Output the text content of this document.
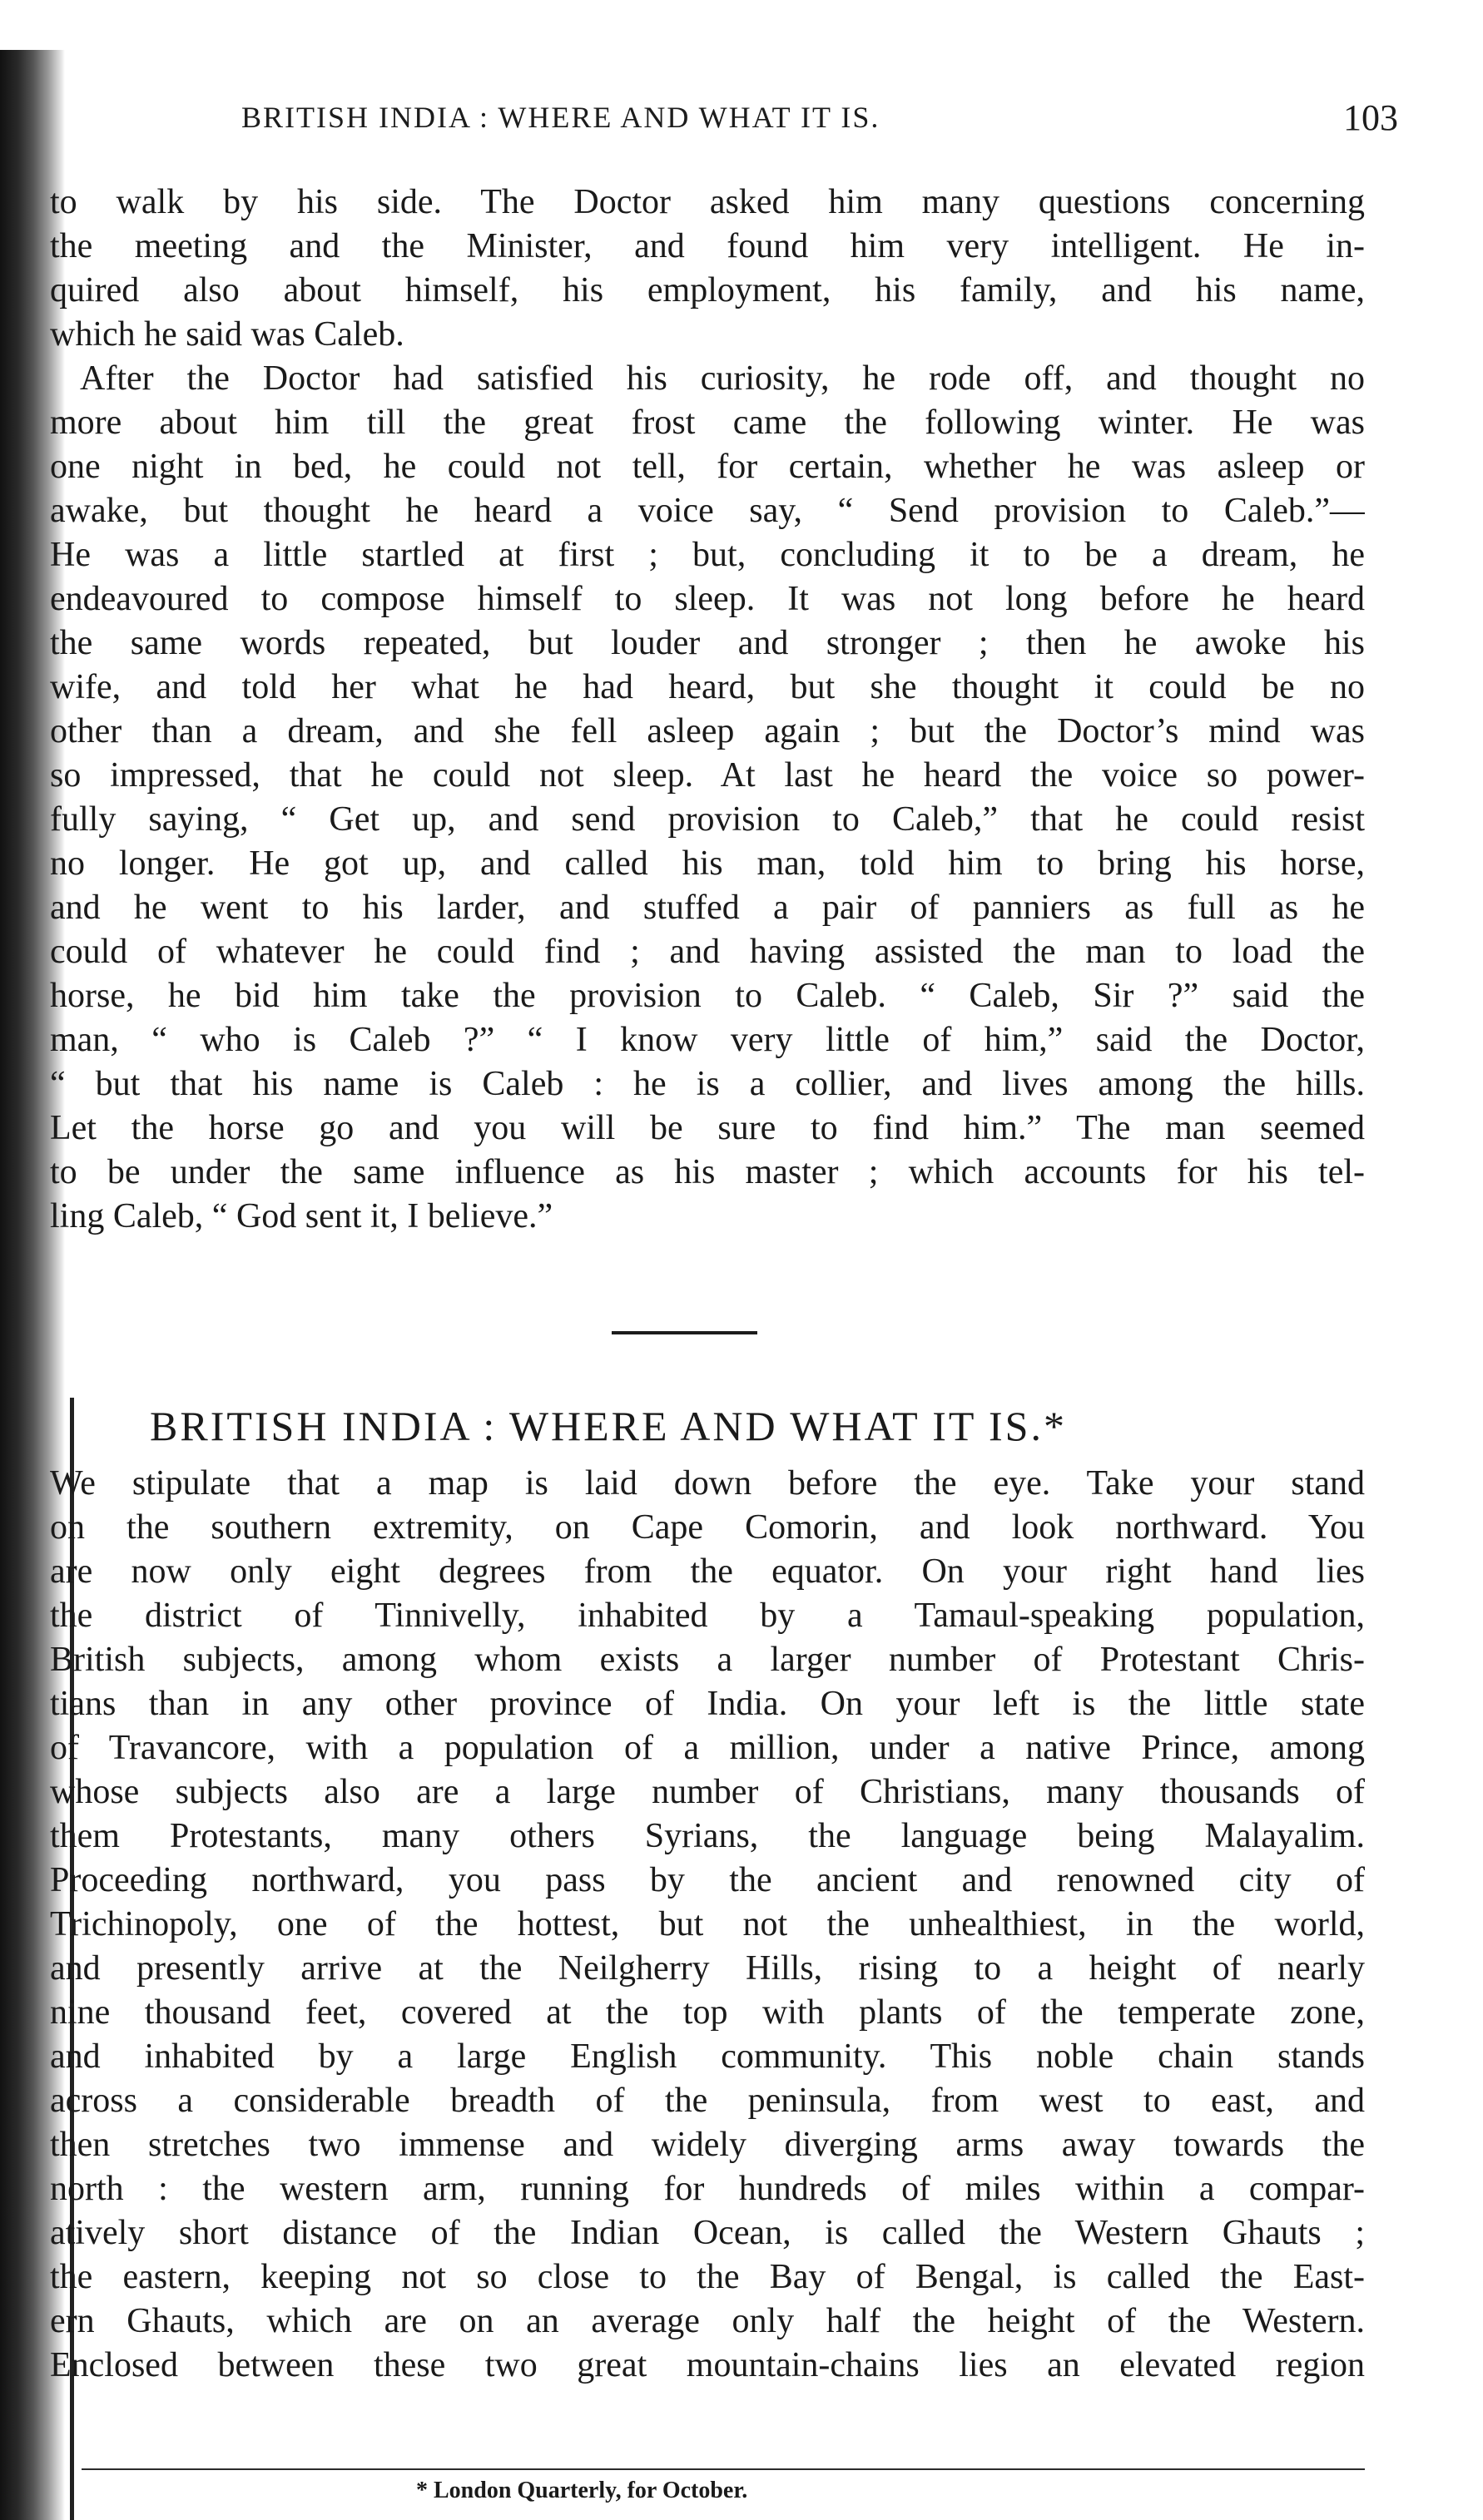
BRITISH INDIA : WHERE AND WHAT IT IS.	103
to walk by his side. The Doctor asked him many questions concerning
the meeting and the Minister, and found him very intelligent. He in-
quired also about himself, his employment, his family, and his name,
which he said was Caleb.
After the Doctor had satisfied his curiosity, he rode off, and thought no
more about him till the great frost came the following winter. He was
one night in bed, he could not tell, for certain, whether he was asleep or
awake, but thought he heard a voice say, “ Send provision to Caleb.”—
He was a little startled at first ; but, concluding it to be a dream, he
endeavoured to compose himself to sleep. It was not long before he heard
the same words repeated, but louder and stronger ; then he awoke his
wife, and told her what he had heard, but she thought it could be no
other than a dream, and she fell asleep again ; but the Doctor’s mind was
so impressed, that he could not sleep. At last he heard the voice so power-
fully saying, “ Get up, and send provision to Caleb,” that he could resist
no longer. He got up, and called his man, told him to bring his horse,
and he went to his larder, and stuffed a pair of panniers as full as he
could of whatever he could find ; and having assisted the man to load the
horse, he bid him take the provision to Caleb. “ Caleb, Sir ?” said the
man, “ who is Caleb ?” “ I know very little of him,” said the Doctor,
“ but that his name is Caleb : he is a collier, and lives among the hills.
Let the horse go and you will be sure to find him.” The man seemed
to be under the same influence as his master ; which accounts for his tel-
ling Caleb, “ God sent it, I believe.”
BRITISH INDIA : WHERE AND WHAT IT IS.*
We stipulate that a map is laid down before the eye. Take your stand
on the southern extremity, on Cape Comorin, and look northward. You
are now only eight degrees from the equator. On your right hand lies
the district of Tinnivelly, inhabited by a Tamaul-speaking population,
British subjects, among whom exists a larger number of Protestant Chris-
tians than in any other province of India. On your left is the little state
of Travancore, with a population of a million, under a native Prince, among
whose subjects also are a large number of Christians, many thousands of
them Protestants, many others Syrians, the language being Malayalim.
Proceeding northward, you pass by the ancient and renowned city of
Trichinopoly, one of the hottest, but not the unhealthiest, in the world,
and presently arrive at the Neilgherry Hills, rising to a height of nearly
nine thousand feet, covered at the top with plants of the temperate zone,
and inhabited by a large English community. This noble chain stands
across a considerable breadth of the peninsula, from west to east, and
then stretches two immense and widely diverging arms away towards the
north : the western arm, running for hundreds of miles within a compar-
atively short distance of the Indian Ocean, is called the Western Ghauts ;
the eastern, keeping not so close to the Bay of Bengal, is called the East-
ern Ghauts, which are on an average only half the height of the Western.
Enclosed between these two great mountain-chains lies an elevated region
* London Quarterly, for October.
